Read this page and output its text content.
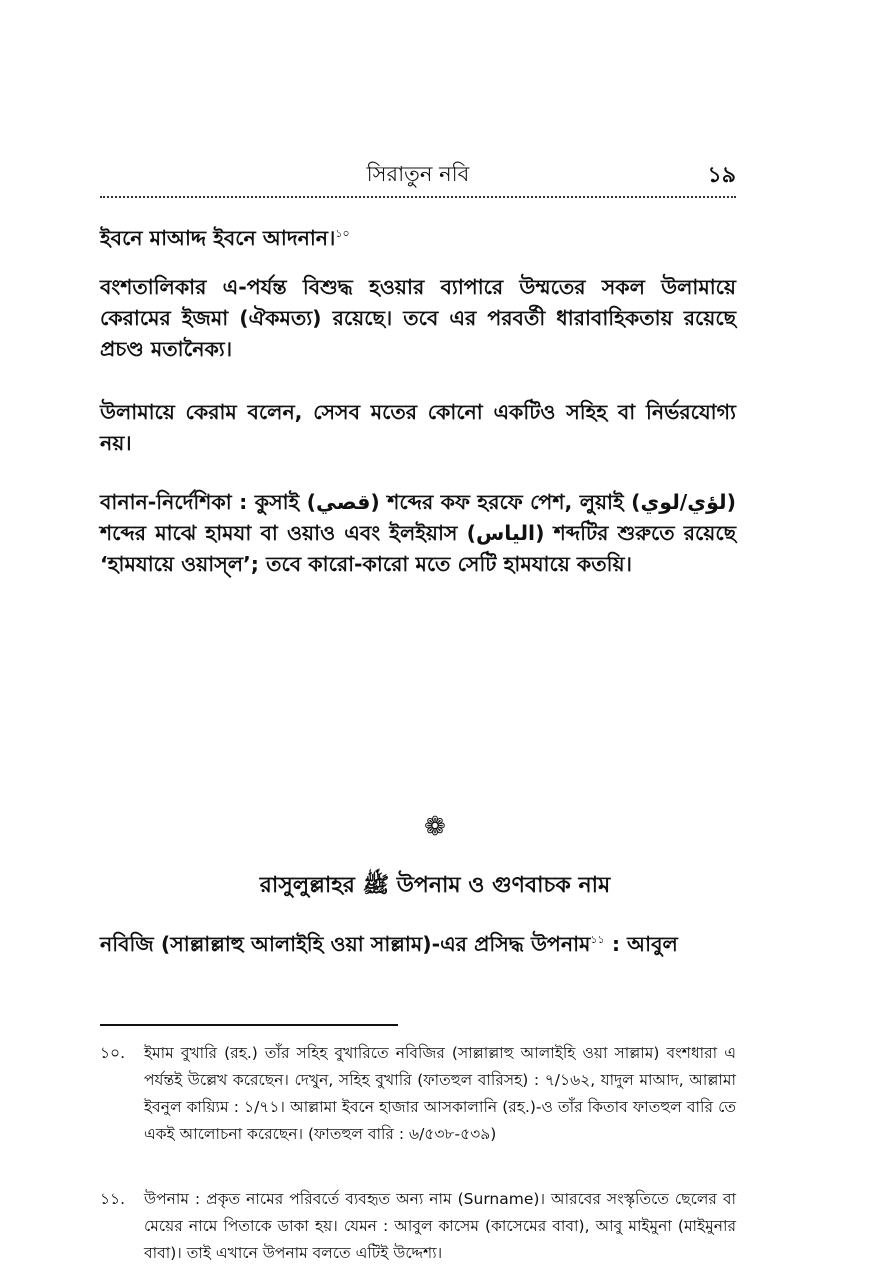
সিরাতুন নবি	১৯
ইবনে মাআদ্দ ইবনে আদনান।$^{১০}$
বংশতালিকার এ-পর্যন্ত বিশুদ্ধ হওয়ার ব্যাপারে উম্মতের সকল উলামায়ে কেরামের ইজমা (ঐকমত্য) রয়েছে। তবে এর পরবর্তী ধারাবাহিকতায় রয়েছে প্রচণ্ড মতানৈক্য।
উলামায়ে কেরাম বলেন, সেসব মতের কোনো একটিও সহিহ বা নির্ভরযোগ্য নয়।
বানান-নির্দেশিকা : কুসাই (قصي) শব্দের কফ হরফে পেশ, লুয়াই (لؤي/لوي) শব্দের মাঝে হামযা বা ওয়াও এবং ইলইয়াস (الياس) শব্দটির শুরুতে রয়েছে ‘হামযায়ে ওয়াস্‌ল’; তবে কারো-কারো মতে সেটি হামযায়ে কতয়ি।
❁
রাসুলুল্লাহর ﷺ উপনাম ও গুণবাচক নাম
নবিজি (সাল্লাল্লাহু আলাইহি ওয়া সাল্লাম)-এর প্রসিদ্ধ উপনাম$^{১১}$ : আবুল
১০.	ইমাম বুখারি (রহ.) তাঁর সহিহ বুখারিতে নবিজির (সাল্লাল্লাহু আলাইহি ওয়া সাল্লাম) বংশধারা এ পর্যন্তই উল্লেখ করেছেন। দেখুন, সহিহ বুখারি (ফাতহুল বারিসহ) : ৭/১৬২, যাদুল মাআদ, আল্লামা ইবনুল কায়্যিম : ১/৭১। আল্লামা ইবনে হাজার আসকালানি (রহ.)-ও তাঁর কিতাব ফাতহুল বারি তে একই আলোচনা করেছেন। (ফাতহুল বারি : ৬/৫৩৮-৫৩৯)
১১.	উপনাম : প্রকৃত নামের পরিবর্তে ব্যবহৃত অন্য নাম (Surname)। আরবের সংস্কৃতিতে ছেলের বা মেয়ের নামে পিতাকে ডাকা হয়। যেমন : আবুল কাসেম (কাসেমের বাবা), আবু মাইমুনা (মাইমুনার বাবা)। তাই এখানে উপনাম বলতে এটিই উদ্দেশ্য।
